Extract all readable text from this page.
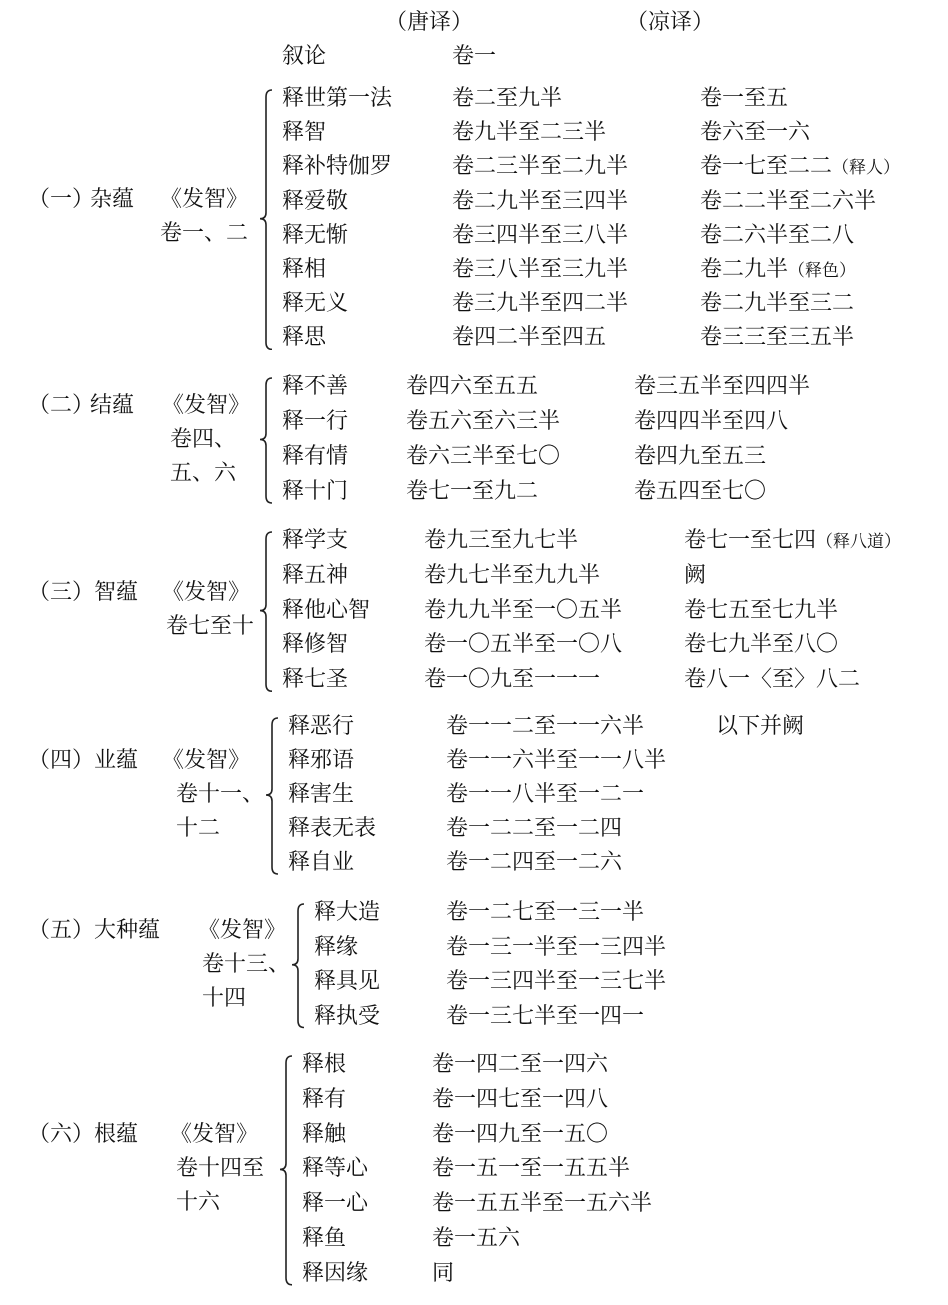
（唐译）	（凉译）
叙论	卷一
（一）
杂蕴 《发智》
卷一、二
释世第一法	卷二至九半	卷一至五
释智	卷九半至二三半	卷六至一六
释补特伽罗	卷二三半至二九半	卷一七至二二（释人）
释爱敬	卷二九半至三四半	卷二二半至二六半
释无惭	卷三四半至三八半	卷二六半至二八
释相	卷三八半至三九半	卷二九半（释色）
释无义	卷三九半至四二半	卷二九半至三二
释思	卷四二半至四五	卷三三至三五半
（二）
结蕴 《发智》
卷四、
五、六
释不善	卷四六至五五	卷三五半至四四半
释一行	卷五六至六三半	卷四四半至四八
释有情	卷六三半至七〇	卷四九至五三
释十门	卷七一至九二	卷五四至七〇
（三） 智蕴 《发智》
卷七至十
释学支	卷九三至九七半	卷七一至七四（释八道）
释五神	卷九七半至九九半	阙
释他心智 卷九九半至一〇五半	卷七五至七九半
释修智	卷一〇五半至一〇八	卷七九半至八〇
释七圣	卷一〇九至一一一	卷八一〈至〉八二
（四） 业蕴 《发智》
卷十一、
十二
释恶行	卷一一二至一一六半	以下并阙
释邪语	卷一一六半至一一八半
释害生	卷一一八半至一二一
释表无表	卷一二二至一二四
释自业	卷一二四至一二六
（五） 大种蕴 《发智》
卷十三、
十四
释大造	卷一二七至一三一半
释缘	卷一三一半至一三四半
释具见	卷一三四半至一三七半
释执受	卷一三七半至一四一
（六） 根蕴 《发智》
卷十四至
十六
释根	卷一四二至一四六
释有	卷一四七至一四八
释触	卷一四九至一五〇
释等心	卷一五一至一五五半
释一心	卷一五五半至一五六半
释鱼	卷一五六
释因缘	同
